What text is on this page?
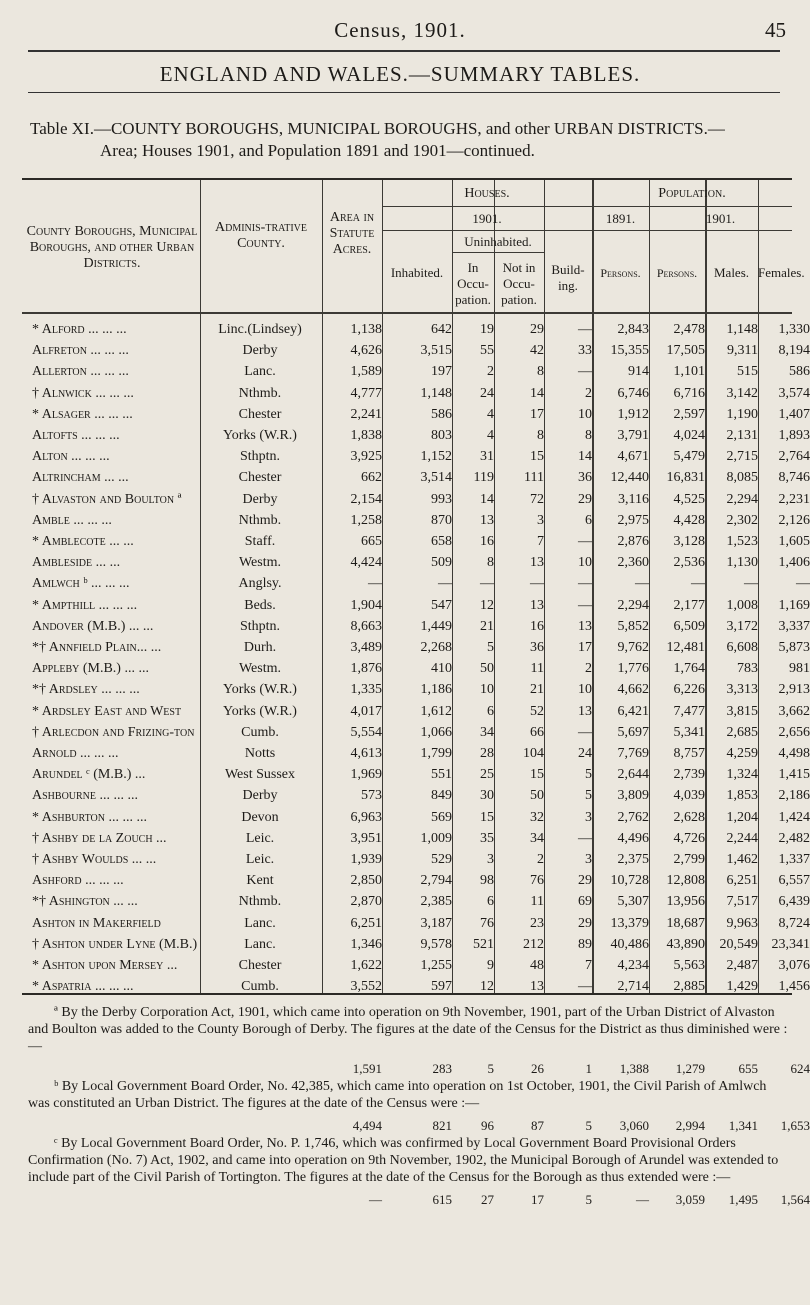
Census, 1901.	45
ENGLAND AND WALES.—SUMMARY TABLES.
Table XI.—COUNTY BOROUGHS, MUNICIPAL BOROUGHS, and other URBAN DISTRICTS.—
Area; Houses 1901, and Population 1891 and 1901—continued.
County Boroughs, Municipal Boroughs, and other Urban Districts.
Adminis-trative County.
Area in Statute Acres.
Houses.
1901.
Inhabited.
Uninhabited.
In Occu-pation.
Not in Occu-pation.
Build-ing.
Population.
1891.	1901.
Persons.	Persons.	Males. Females.
* Alford ... ... ...	Linc.(Lindsey)	1,138	642	19	29	—	2,843	2,478	1,148	1,330
Alfreton ... ... ...	Derby	4,626	3,515	55	42	33	15,355	17,505	9,311	8,194
Allerton ... ... ...	Lanc.	1,589	197	2	8	—	914	1,101	515	586
† Alnwick ... ... ...	Nthmb.	4,777	1,148	24	14	2	6,746	6,716	3,142	3,574
* Alsager ... ... ...	Chester	2,241	586	4	17	10	1,912	2,597	1,190	1,407
Altofts ... ... ...	Yorks (W.R.)	1,838	803	4	8	8	3,791	4,024	2,131	1,893
Alton ... ... ...	Sthptn.	3,925	1,152	31	15	14	4,671	5,479	2,715	2,764
Altrincham ... ...	Chester	662	3,514	119	111	36	12,440	16,831	8,085	8,746
† Alvaston and Boulton ª	Derby	2,154	993	14	72	29	3,116	4,525	2,294	2,231
Amble ... ... ...	Nthmb.	1,258	870	13	3	6	2,975	4,428	2,302	2,126
* Amblecote ... ...	Staff.	665	658	16	7	—	2,876	3,128	1,523	1,605
Ambleside ... ...	Westm.	4,424	509	8	13	10	2,360	2,536	1,130	1,406
Amlwch ᵇ ... ... ...	Anglsy.	—	—	—	—	—	—	—	—	—
* Ampthill ... ... ...	Beds.	1,904	547	12	13	—	2,294	2,177	1,008	1,169
Andover (M.B.) ... ...	Sthptn.	8,663	1,449	21	16	13	5,852	6,509	3,172	3,337
*† Annfield Plain... ...	Durh.	3,489	2,268	5	36	17	9,762	12,481	6,608	5,873
Appleby (M.B.) ... ...	Westm.	1,876	410	50	11	2	1,776	1,764	783	981
*† Ardsley ... ... ...	Yorks (W.R.)	1,335	1,186	10	21	10	4,662	6,226	3,313	2,913
* Ardsley East and West	Yorks (W.R.)	4,017	1,612	6	52	13	6,421	7,477	3,815	3,662
† Arlecdon and Frizing-ton	Cumb.	5,554	1,066	34	66	—	5,697	5,341	2,685	2,656
Arnold ... ... ...	Notts	4,613	1,799	28	104	24	7,769	8,757	4,259	4,498
Arundel ᶜ (M.B.) ...	West Sussex	1,969	551	25	15	5	2,644	2,739	1,324	1,415
Ashbourne ... ... ...	Derby	573	849	30	50	5	3,809	4,039	1,853	2,186
* Ashburton ... ... ...	Devon	6,963	569	15	32	3	2,762	2,628	1,204	1,424
† Ashby de la Zouch ...	Leic.	3,951	1,009	35	34	—	4,496	4,726	2,244	2,482
† Ashby Woulds ... ...	Leic.	1,939	529	3	2	3	2,375	2,799	1,462	1,337
Ashford ... ... ...	Kent	2,850	2,794	98	76	29	10,728	12,808	6,251	6,557
*† Ashington ... ...	Nthmb.	2,870	2,385	6	11	69	5,307	13,956	7,517	6,439
Ashton in Makerfield	Lanc.	6,251	3,187	76	23	29	13,379	18,687	9,963	8,724
† Ashton under Lyne (M.B.)	Lanc.	1,346	9,578	521	212	89	40,486	43,890	20,549 23,341
* Ashton upon Mersey ...	Chester	1,622	1,255	9	48	7	4,234	5,563	2,487	3,076
* Aspatria ... ... ...	Cumb.	3,552	597	12	13	—	2,714	2,885	1,429	1,456

ª By the Derby Corporation Act, 1901, which came into operation on 9th November, 1901, part of the Urban District of Alvaston and Boulton was added to the County Borough of Derby. The figures at the date of the Census for the District as thus diminished were :—

1,591	283	5	26	1	1,388	1,279	655	624

ᵇ By Local Government Board Order, No. 42,385, which came into operation on 1st October, 1901, the Civil Parish of Amlwch was constituted an Urban District. The figures at the date of the Census were :—

4,494	821	96	87	5	3,060	2,994	1,341	1,653

ᶜ By Local Government Board Order, No. P. 1,746, which was confirmed by Local Government Board Provisional Orders Confirmation (No. 7) Act, 1902, and came into operation on 9th November, 1902, the Municipal Borough of Arundel was extended to include part of the Civil Parish of Tortington. The figures at the date of the Census for the Borough as thus extended were :—

—	615	27	17	5	—	3,059	1,495	1,564
